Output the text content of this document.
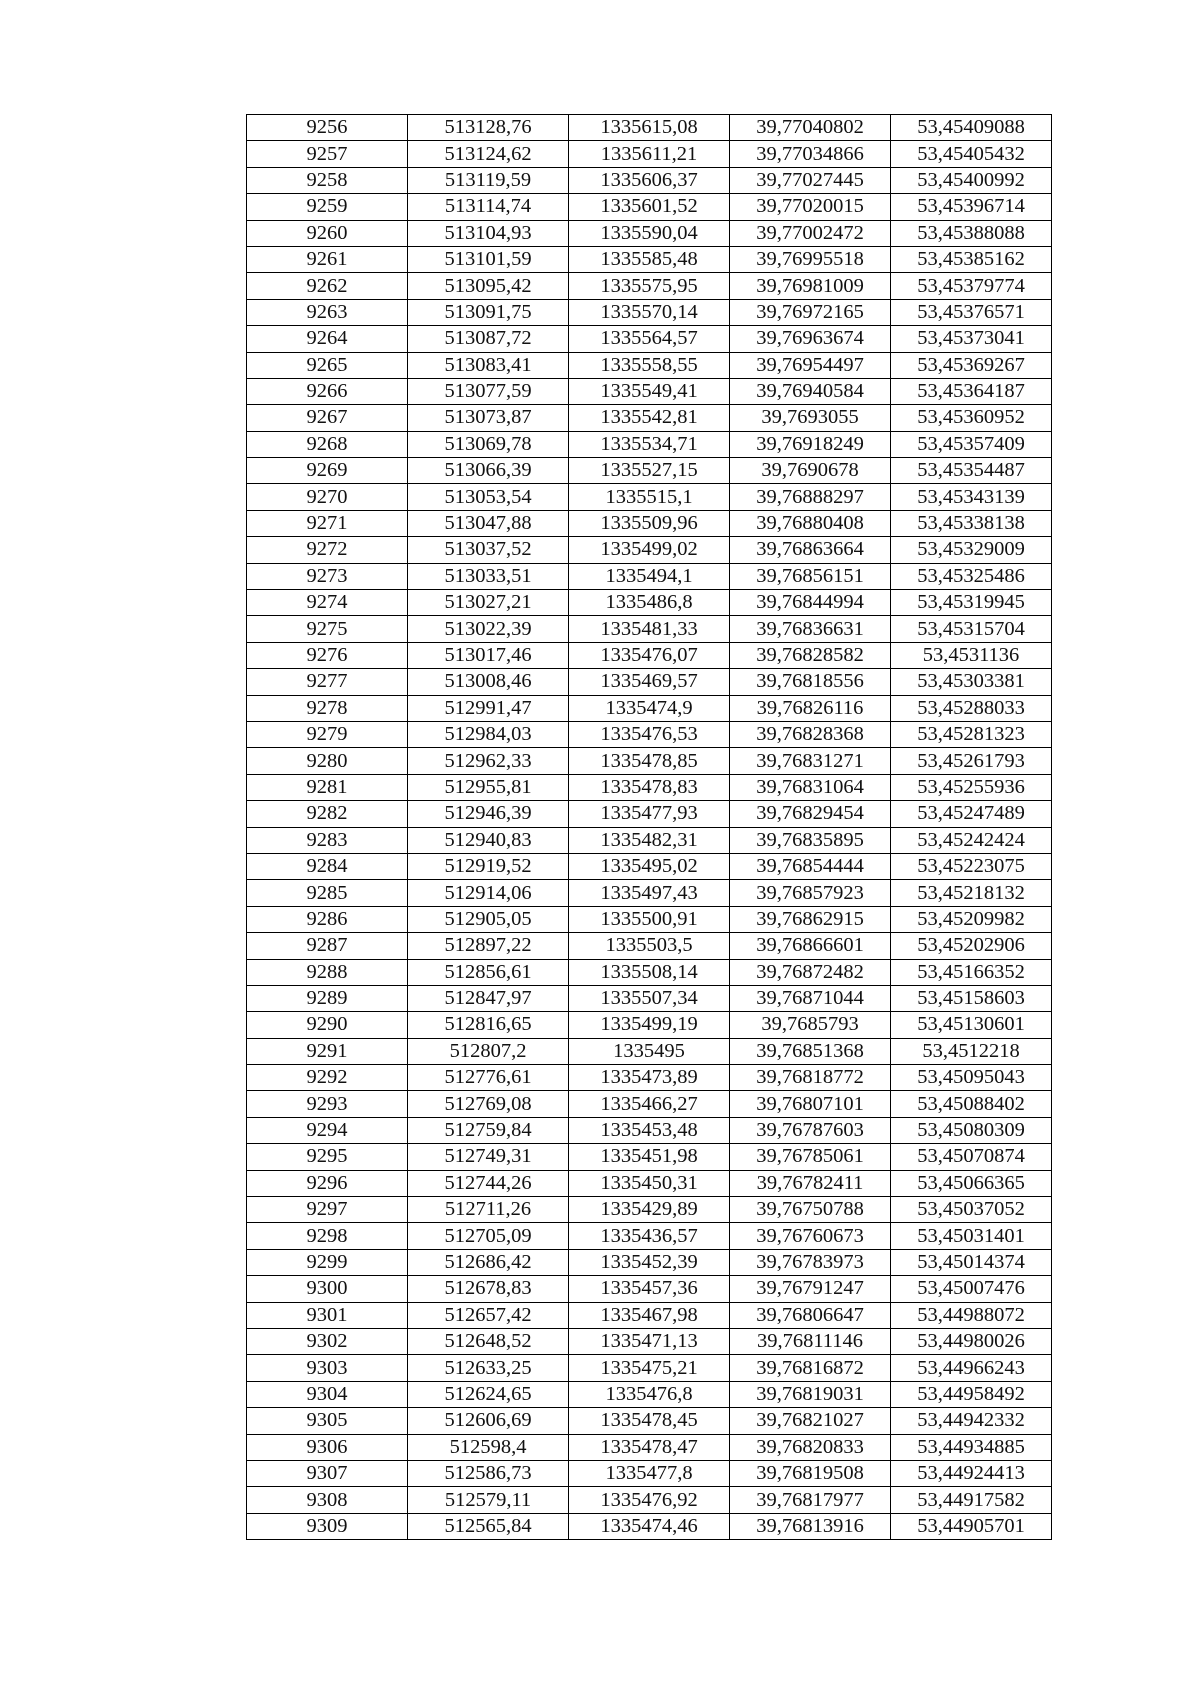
9256	513128,76	1335615,08	39,77040802	53,45409088
9257	513124,62	1335611,21	39,77034866	53,45405432
9258	513119,59	1335606,37	39,77027445	53,45400992
9259	513114,74	1335601,52	39,77020015	53,45396714
9260	513104,93	1335590,04	39,77002472	53,45388088
9261	513101,59	1335585,48	39,76995518	53,45385162
9262	513095,42	1335575,95	39,76981009	53,45379774
9263	513091,75	1335570,14	39,76972165	53,45376571
9264	513087,72	1335564,57	39,76963674	53,45373041
9265	513083,41	1335558,55	39,76954497	53,45369267
9266	513077,59	1335549,41	39,76940584	53,45364187
9267	513073,87	1335542,81	39,7693055	53,45360952
9268	513069,78	1335534,71	39,76918249	53,45357409
9269	513066,39	1335527,15	39,7690678	53,45354487
9270	513053,54	1335515,1	39,76888297	53,45343139
9271	513047,88	1335509,96	39,76880408	53,45338138
9272	513037,52	1335499,02	39,76863664	53,45329009
9273	513033,51	1335494,1	39,76856151	53,45325486
9274	513027,21	1335486,8	39,76844994	53,45319945
9275	513022,39	1335481,33	39,76836631	53,45315704
9276	513017,46	1335476,07	39,76828582	53,4531136
9277	513008,46	1335469,57	39,76818556	53,45303381
9278	512991,47	1335474,9	39,76826116	53,45288033
9279	512984,03	1335476,53	39,76828368	53,45281323
9280	512962,33	1335478,85	39,76831271	53,45261793
9281	512955,81	1335478,83	39,76831064	53,45255936
9282	512946,39	1335477,93	39,76829454	53,45247489
9283	512940,83	1335482,31	39,76835895	53,45242424
9284	512919,52	1335495,02	39,76854444	53,45223075
9285	512914,06	1335497,43	39,76857923	53,45218132
9286	512905,05	1335500,91	39,76862915	53,45209982
9287	512897,22	1335503,5	39,76866601	53,45202906
9288	512856,61	1335508,14	39,76872482	53,45166352
9289	512847,97	1335507,34	39,76871044	53,45158603
9290	512816,65	1335499,19	39,7685793	53,45130601
9291	512807,2	1335495	39,76851368	53,4512218
9292	512776,61	1335473,89	39,76818772	53,45095043
9293	512769,08	1335466,27	39,76807101	53,45088402
9294	512759,84	1335453,48	39,76787603	53,45080309
9295	512749,31	1335451,98	39,76785061	53,45070874
9296	512744,26	1335450,31	39,76782411	53,45066365
9297	512711,26	1335429,89	39,76750788	53,45037052
9298	512705,09	1335436,57	39,76760673	53,45031401
9299	512686,42	1335452,39	39,76783973	53,45014374
9300	512678,83	1335457,36	39,76791247	53,45007476
9301	512657,42	1335467,98	39,76806647	53,44988072
9302	512648,52	1335471,13	39,76811146	53,44980026
9303	512633,25	1335475,21	39,76816872	53,44966243
9304	512624,65	1335476,8	39,76819031	53,44958492
9305	512606,69	1335478,45	39,76821027	53,44942332
9306	512598,4	1335478,47	39,76820833	53,44934885
9307	512586,73	1335477,8	39,76819508	53,44924413
9308	512579,11	1335476,92	39,76817977	53,44917582
9309	512565,84	1335474,46	39,76813916	53,44905701
